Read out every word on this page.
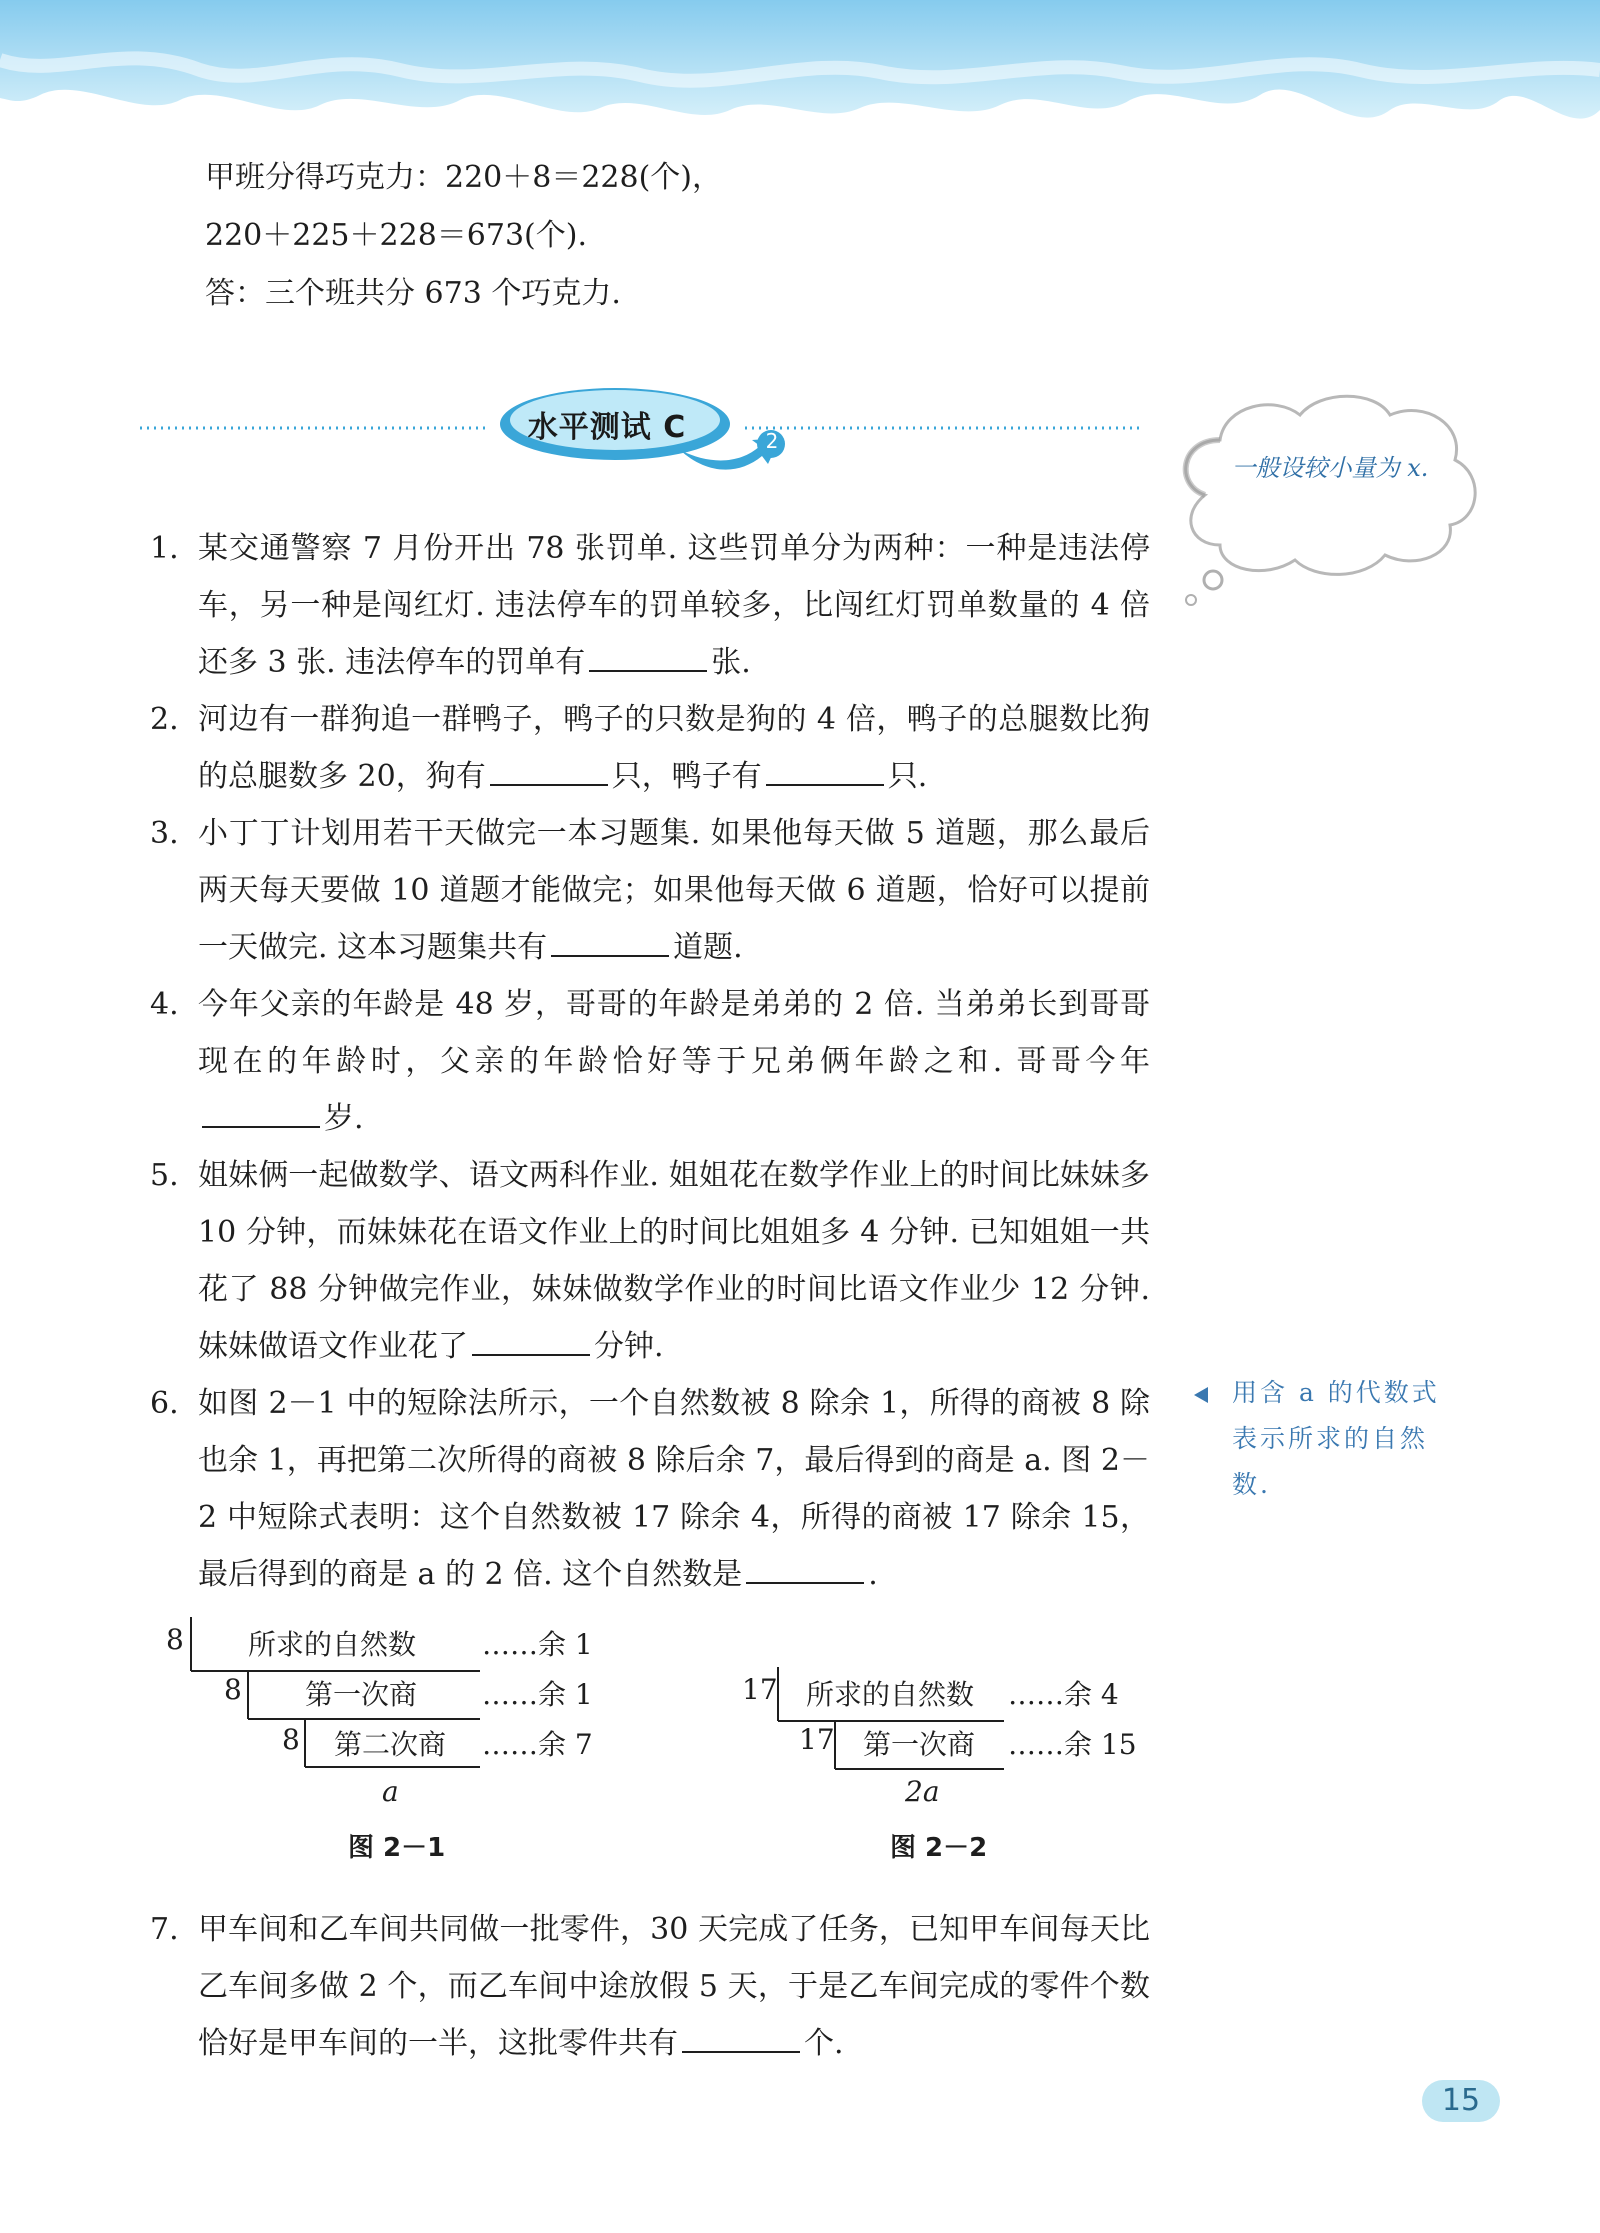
甲班分得巧克力：220＋8＝228(个)，
220＋225＋228＝673(个).
答：三个班共分 673 个巧克力.
水平测试 C	2
一般设较小量为 x.
1. 某交通警察 7 月份开出 78 张罚单. 这些罚单分为两种：一种是违法停车，另一种是闯红灯. 违法停车的罚单较多，比闯红灯罚单数量的 4 倍还多 3 张. 违法停车的罚单有	张.
2. 河边有一群狗追一群鸭子，鸭子的只数是狗的 4 倍，鸭子的总腿数比狗的总腿数多 20，狗有	只，鸭子有	只.
3. 小丁丁计划用若干天做完一本习题集. 如果他每天做 5 道题，那么最后两天每天要做 10 道题才能做完；如果他每天做 6 道题，恰好可以提前一天做完. 这本习题集共有	道题.
4. 今年父亲的年龄是 48 岁，哥哥的年龄是弟弟的 2 倍. 当弟弟长到哥哥现在的年龄时，父亲的年龄恰好等于兄弟俩年龄之和. 哥哥今年岁.
5. 姐妹俩一起做数学、语文两科作业. 姐姐花在数学作业上的时间比妹妹多 10 分钟，而妹妹花在语文作业上的时间比姐姐多 4 分钟. 已知姐姐一共花了 88 分钟做完作业，妹妹做数学作业的时间比语文作业少 12 分钟. 妹妹做语文作业花了	分钟.
6. 如图 2－1 中的短除法所示，一个自然数被 8 除余 1，所得的商被 8 除也余 1，再把第二次所得的商被 8 除后余 7，最后得到的商是 a. 图 2－2 中短除式表明：这个自然数被 17 除余 4，所得的商被 17 除余 15，最后得到的商是 a 的 2 倍. 这个自然数是	.
用含 a 的代数式表示所求的自然数.
8 所求的自然数 ……余 1
8 第一次商 ……余 1
8 第二次商 ……余 7
a
图 2－1
17 所求的自然数 ……余 4
17 第一次商 ……余 15
2a
图 2－2
7. 甲车间和乙车间共同做一批零件，30 天完成了任务，已知甲车间每天比乙车间多做 2 个，而乙车间中途放假 5 天，于是乙车间完成的零件个数恰好是甲车间的一半，这批零件共有	个.
15
